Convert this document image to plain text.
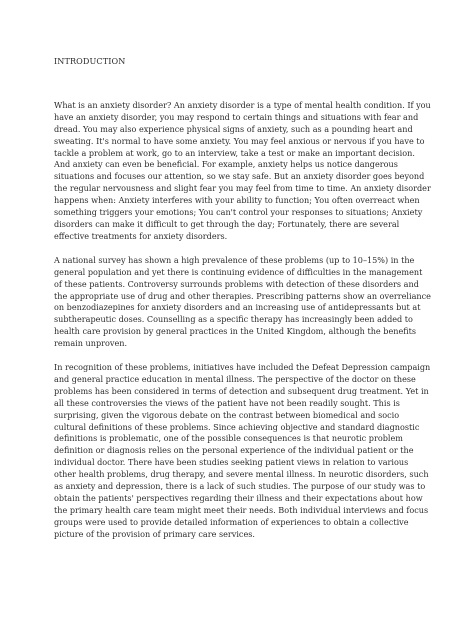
INTRODUCTION

What is an anxiety disorder? An anxiety disorder is a type of mental health condition. If you have an anxiety disorder, you may respond to certain things and situations with fear and dread. You may also experience physical signs of anxiety, such as a pounding heart and sweating. It's normal to have some anxiety. You may feel anxious or nervous if you have to tackle a problem at work, go to an interview, take a test or make an important decision. And anxiety can even be beneficial. For example, anxiety helps us notice dangerous situations and focuses our attention, so we stay safe. But an anxiety disorder goes beyond the regular nervousness and slight fear you may feel from time to time. An anxiety disorder happens when: Anxiety interferes with your ability to function; You often overreact when something triggers your emotions; You can't control your responses to situations; Anxiety disorders can make it difficult to get through the day; Fortunately, there are several effective treatments for anxiety disorders.

A national survey has shown a high prevalence of these problems (up to 10–15%) in the general population and yet there is continuing evidence of difficulties in the management of these patients. Controversy surrounds problems with detection of these disorders and the appropriate use of drug and other therapies. Prescribing patterns show an overreliance on benzodiazepines for anxiety disorders and an increasing use of antidepressants but at subtherapeutic doses. Counselling as a specific therapy has increasingly been added to health care provision by general practices in the United Kingdom, although the benefits remain unproven.

In recognition of these problems, initiatives have included the Defeat Depression campaign and general practice education in mental illness. The perspective of the doctor on these problems has been considered in terms of detection and subsequent drug treatment. Yet in all these controversies the views of the patient have not been readily sought. This is surprising, given the vigorous debate on the contrast between biomedical and socio cultural definitions of these problems. Since achieving objective and standard diagnostic definitions is problematic, one of the possible consequences is that neurotic problem definition or diagnosis relies on the personal experience of the individual patient or the individual doctor. There have been studies seeking patient views in relation to various other health problems, drug therapy, and severe mental illness. In neurotic disorders, such as anxiety and depression, there is a lack of such studies. The purpose of our study was to obtain the patients' perspectives regarding their illness and their expectations about how the primary health care team might meet their needs. Both individual interviews and focus groups were used to provide detailed information of experiences to obtain a collective picture of the provision of primary care services.
